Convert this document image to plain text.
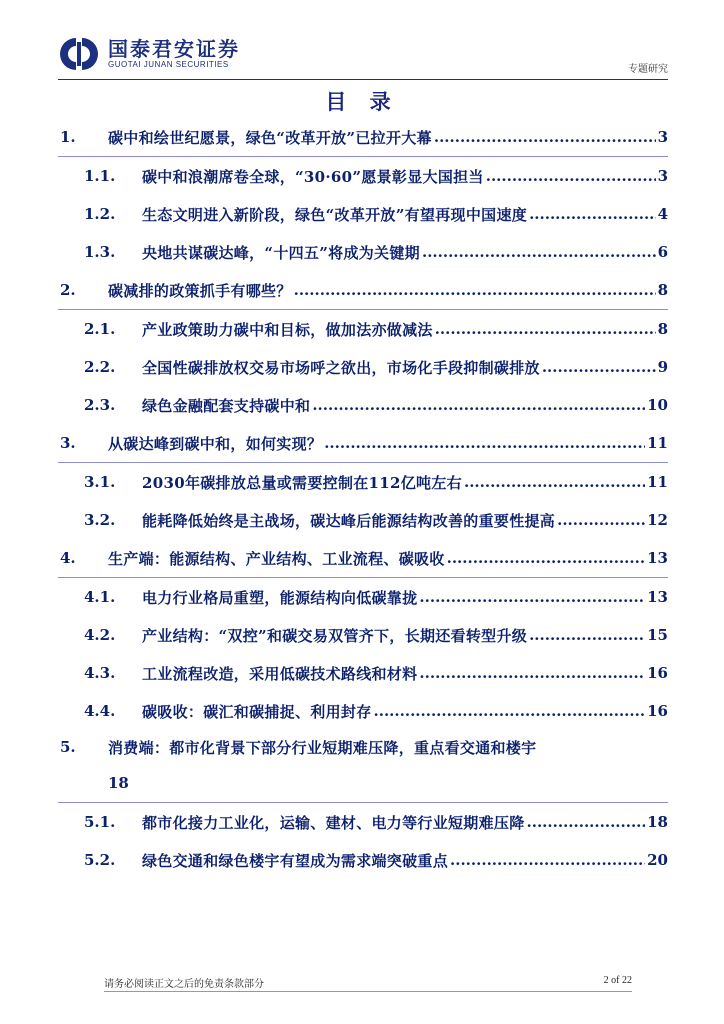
国泰君安证券
GUOTAI JUNAN SECURITIES	专题研究
目 录
1.	碳中和绘世纪愿景，绿色“改革开放”已拉开大幕 .....	3
1.1.	碳中和浪潮席卷全球，“30·60”愿景彰显大国担当 .....	3
1.2.	生态文明进入新阶段，绿色“改革开放”有望再现中国速度 .....	4
1.3.	央地共谋碳达峰，“十四五”将成为关键期 .....	6
2.	碳减排的政策抓手有哪些？ .....	8
2.1.	产业政策助力碳中和目标，做加法亦做减法 .....	8
2.2.	全国性碳排放权交易市场呼之欲出，市场化手段抑制碳排放 .....	9
2.3.	绿色金融配套支持碳中和 .....	10
3.	从碳达峰到碳中和，如何实现？ .....	11
3.1.	2030年碳排放总量或需要控制在112亿吨左右 .....	11
3.2.	能耗降低始终是主战场，碳达峰后能源结构改善的重要性提高 .....	12
4.	生产端：能源结构、产业结构、工业流程、碳吸收 .....	13
4.1.	电力行业格局重塑，能源结构向低碳靠拢 .....	13
4.2.	产业结构：“双控”和碳交易双管齐下，长期还看转型升级 .....	15
4.3.	工业流程改造，采用低碳技术路线和材料 .....	16
4.4.	碳吸收：碳汇和碳捕捉、利用封存 .....	16
5.	消费端：都市化背景下部分行业短期难压降，重点看交通和楼宇
18
5.1.	都市化接力工业化，运输、建材、电力等行业短期难压降 .....	18
5.2.	绿色交通和绿色楼宇有望成为需求端突破重点 .....	20
请务必阅读正文之后的免责条款部分	2 of 22
